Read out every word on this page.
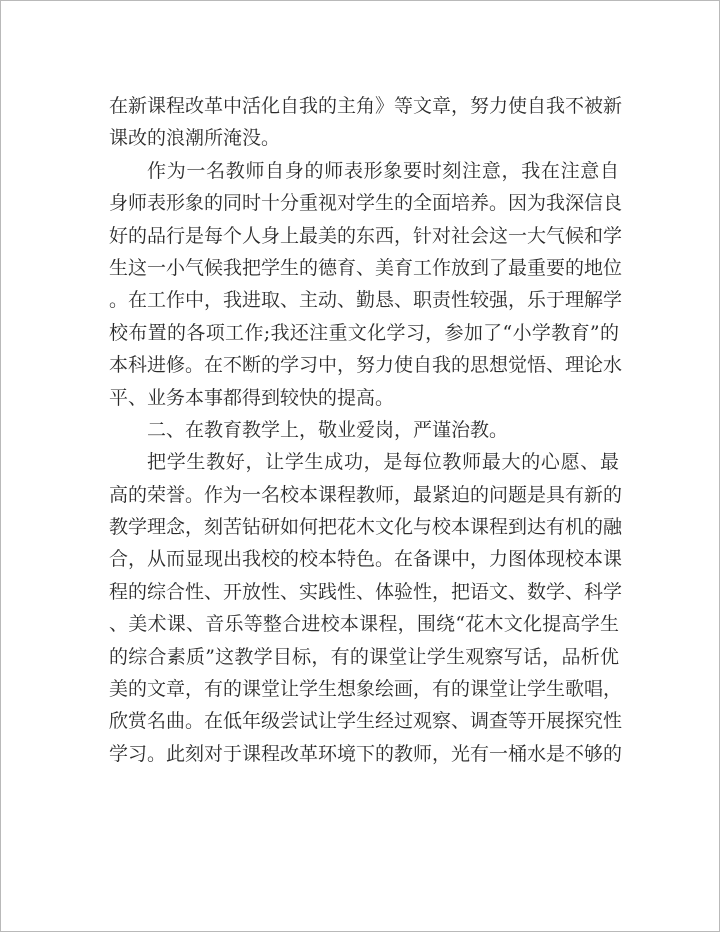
在新课程改革中活化自我的主角》等文章，努力使自我不被新
课改的浪潮所淹没。
作为一名教师自身的师表形象要时刻注意，我在注意自
身师表形象的同时十分重视对学生的全面培养。因为我深信良
好的品行是每个人身上最美的东西，针对社会这一大气候和学
生这一小气候我把学生的德育、美育工作放到了最重要的地位
。在工作中，我进取、主动、勤恳、职责性较强，乐于理解学
校布置的各项工作;我还注重文化学习，参加了“小学教育”的
本科进修。在不断的学习中，努力使自我的思想觉悟、理论水
平、业务本事都得到较快的提高。
二、在教育教学上，敬业爱岗，严谨治教。
把学生教好，让学生成功，是每位教师最大的心愿、最
高的荣誉。作为一名校本课程教师，最紧迫的问题是具有新的
教学理念，刻苦钻研如何把花木文化与校本课程到达有机的融
合，从而显现出我校的校本特色。在备课中，力图体现校本课
程的综合性、开放性、实践性、体验性，把语文、数学、科学
、美术课、音乐等整合进校本课程，围绕“花木文化提高学生
的综合素质”这教学目标，有的课堂让学生观察写话，品析优
美的文章，有的课堂让学生想象绘画，有的课堂让学生歌唱，
欣赏名曲。在低年级尝试让学生经过观察、调查等开展探究性
学习。此刻对于课程改革环境下的教师，光有一桶水是不够的
